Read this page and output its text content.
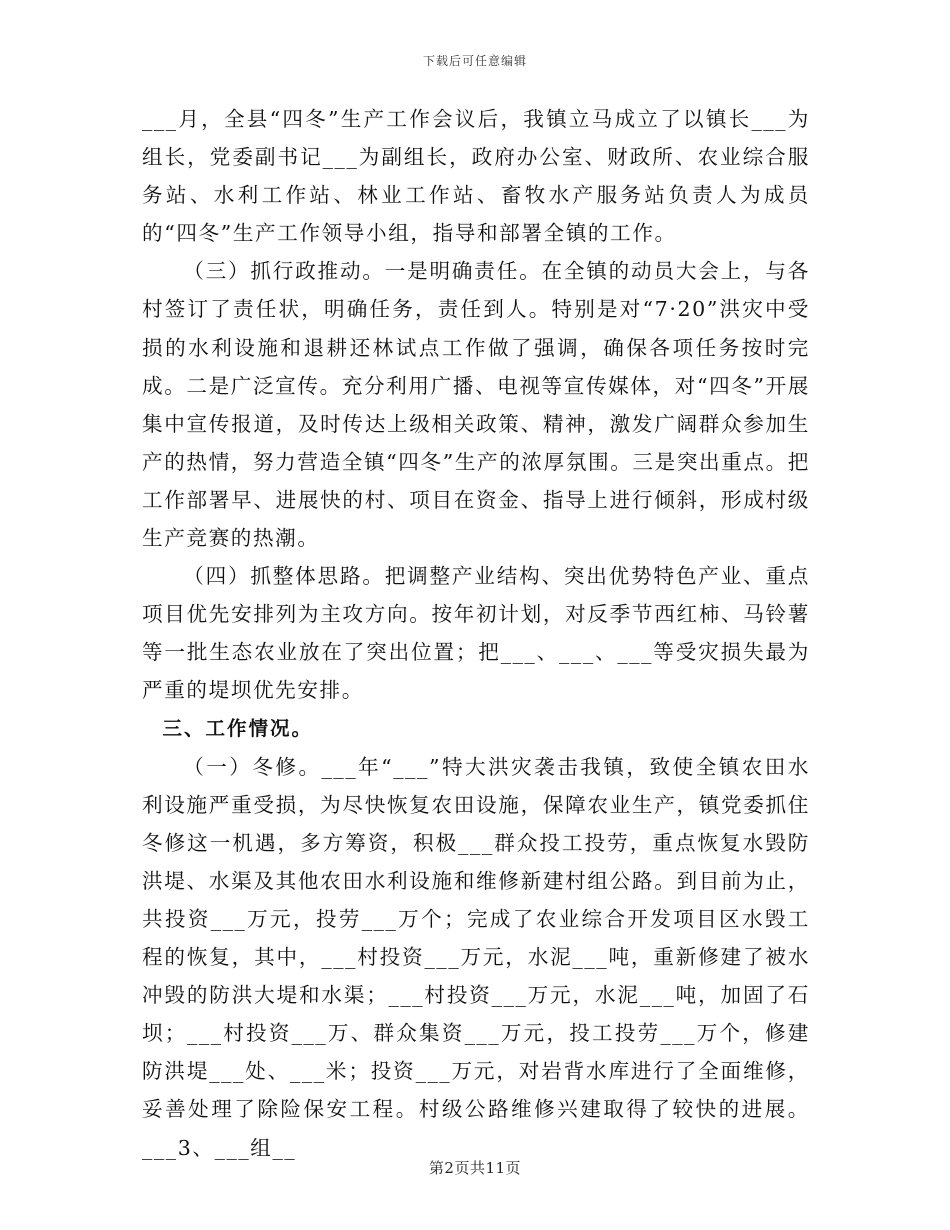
下载后可任意编辑

___月，全县“四冬”生产工作会议后，我镇立马成立了以镇长___为组长，党委副书记___为副组长，政府办公室、财政所、农业综合服务站、水利工作站、林业工作站、畜牧水产服务站负责人为成员的“四冬”生产工作领导小组，指导和部署全镇的工作。

（三）抓行政推动。一是明确责任。在全镇的动员大会上，与各村签订了责任状，明确任务，责任到人。特别是对“7·20”洪灾中受损的水利设施和退耕还林试点工作做了强调，确保各项任务按时完成。二是广泛宣传。充分利用广播、电视等宣传媒体，对“四冬”开展集中宣传报道，及时传达上级相关政策、精神，激发广阔群众参加生产的热情，努力营造全镇“四冬”生产的浓厚氛围。三是突出重点。把工作部署早、进展快的村、项目在资金、指导上进行倾斜，形成村级生产竞赛的热潮。

（四）抓整体思路。把调整产业结构、突出优势特色产业、重点项目优先安排列为主攻方向。按年初计划，对反季节西红柿、马铃薯等一批生态农业放在了突出位置；把___、___、___等受灾损失最为严重的堤坝优先安排。

三、工作情况。

（一）冬修。___年“___”特大洪灾袭击我镇，致使全镇农田水利设施严重受损，为尽快恢复农田设施，保障农业生产，镇党委抓住冬修这一机遇，多方筹资，积极___群众投工投劳，重点恢复水毁防洪堤、水渠及其他农田水利设施和维修新建村组公路。到目前为止，共投资___万元，投劳___万个；完成了农业综合开发项目区水毁工程的恢复，其中，___村投资___万元，水泥___吨，重新修建了被水冲毁的防洪大堤和水渠；___村投资___万元，水泥___吨，加固了石坝；___村投资___万、群众集资___万元，投工投劳___万个，修建防洪堤___处、___米；投资___万元，对岩背水库进行了全面维修，妥善处理了除险保安工程。村级公路维修兴建取得了较快的进展。___3、___组__

第2页共11页
